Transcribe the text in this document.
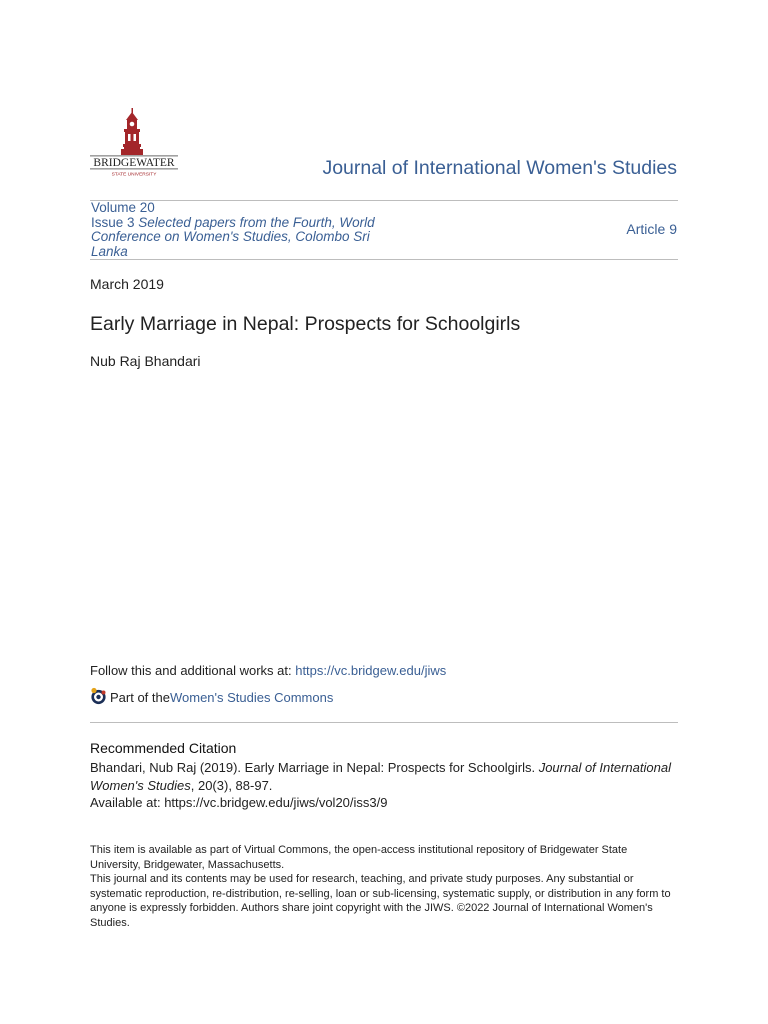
BRIDGEWATER
STATE UNIVERSITY	Journal of International Women's Studies
Volume 20
Issue 3 Selected papers from the Fourth, World Conference on Women's Studies, Colombo Sri Lanka
Article 9
March 2019
Early Marriage in Nepal: Prospects for Schoolgirls
Nub Raj Bhandari
Follow this and additional works at: https://vc.bridgew.edu/jiws
Part of the Women's Studies Commons
Recommended Citation
Bhandari, Nub Raj (2019). Early Marriage in Nepal: Prospects for Schoolgirls. Journal of International Women's Studies, 20(3), 88-97.
Available at: https://vc.bridgew.edu/jiws/vol20/iss3/9

This item is available as part of Virtual Commons, the open-access institutional repository of Bridgewater State University, Bridgewater, Massachusetts.

This journal and its contents may be used for research, teaching, and private study purposes. Any substantial or systematic reproduction, re-distribution, re-selling, loan or sub-licensing, systematic supply, or distribution in any form to anyone is expressly forbidden. Authors share joint copyright with the JIWS. ©2022 Journal of International Women's Studies.
